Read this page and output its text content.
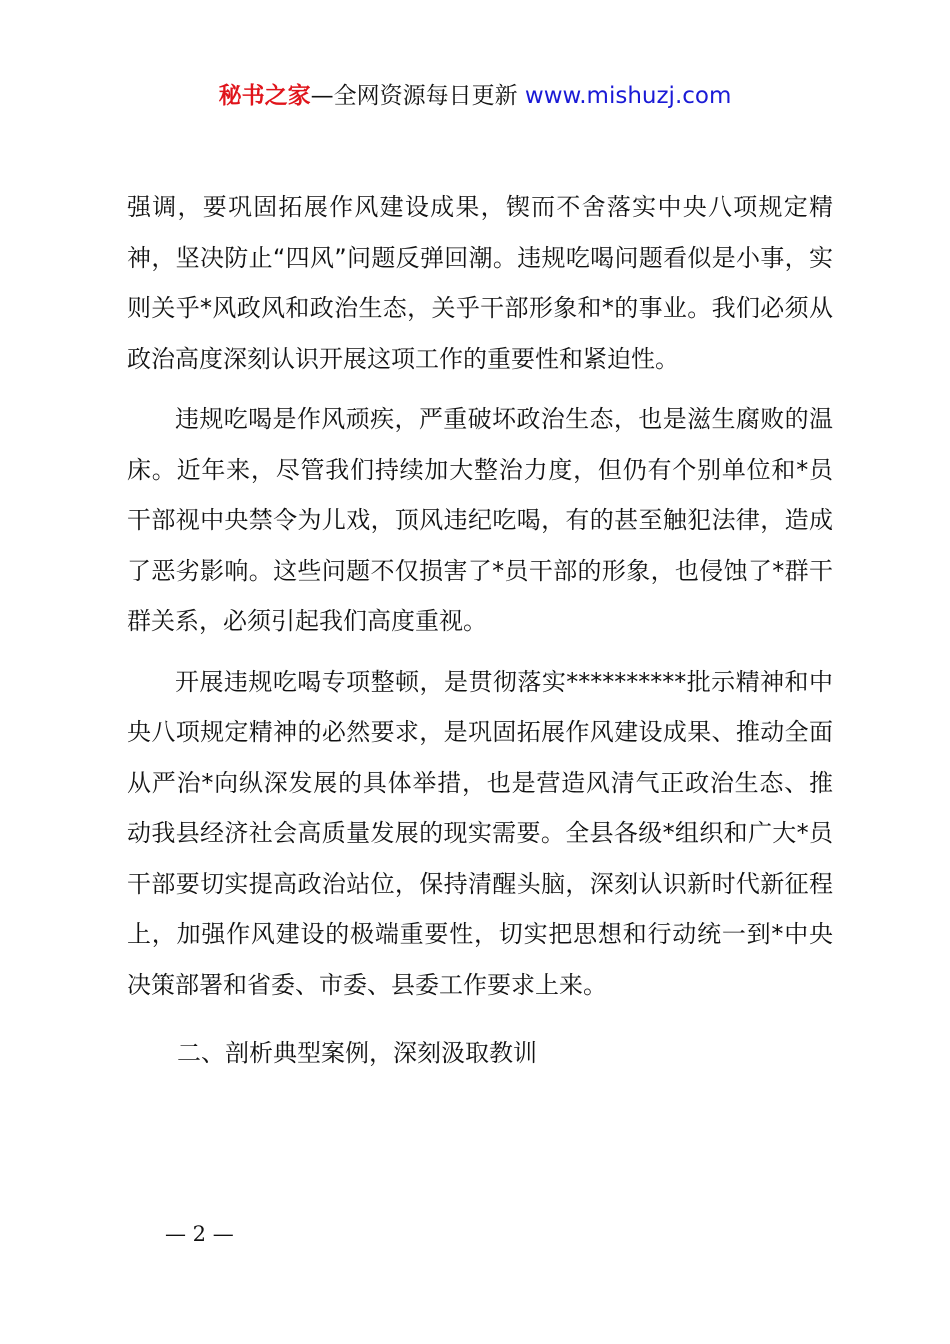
秘书之家—全网资源每日更新 www.mishuzj.com

强调，要巩固拓展作风建设成果，锲而不舍落实中央八项规定精神，坚决防止“四风”问题反弹回潮。违规吃喝问题看似是小事，实则关乎*风政风和政治生态，关乎干部形象和*的事业。我们必须从政治高度深刻认识开展这项工作的重要性和紧迫性。

违规吃喝是作风顽疾，严重破坏政治生态，也是滋生腐败的温床。近年来，尽管我们持续加大整治力度，但仍有个别单位和*员干部视中央禁令为儿戏，顶风违纪吃喝，有的甚至触犯法律，造成了恶劣影响。这些问题不仅损害了*员干部的形象，也侵蚀了*群干群关系，必须引起我们高度重视。

开展违规吃喝专项整顿，是贯彻落实**********批示精神和中央八项规定精神的必然要求，是巩固拓展作风建设成果、推动全面从严治*向纵深发展的具体举措，也是营造风清气正政治生态、推动我县经济社会高质量发展的现实需要。全县各级*组织和广大*员干部要切实提高政治站位，保持清醒头脑，深刻认识新时代新征程上，加强作风建设的极端重要性，切实把思想和行动统一到*中央决策部署和省委、市委、县委工作要求上来。

二、剖析典型案例，深刻汲取教训

— 2 —
